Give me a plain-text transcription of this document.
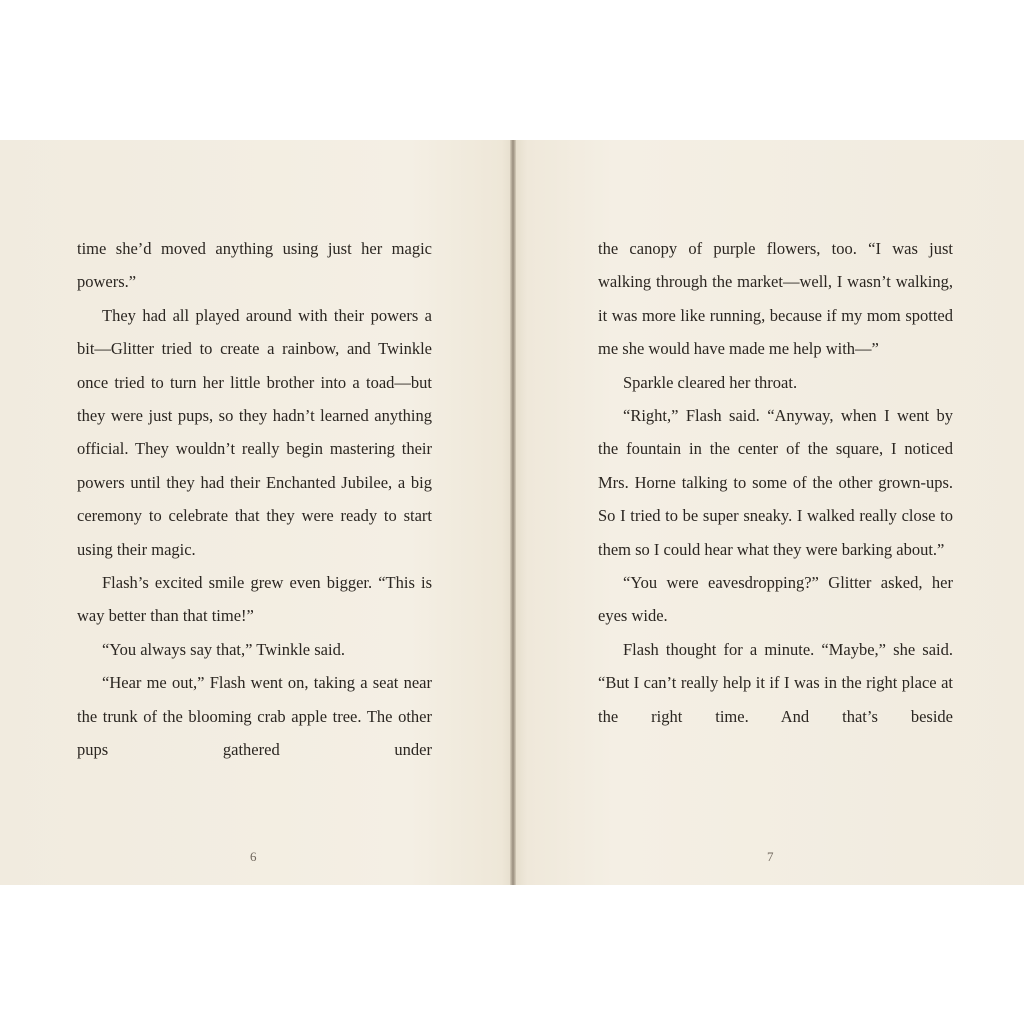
time she’d moved anything using just her magic powers.”

They had all played around with their powers a bit—Glitter tried to create a rainbow, and Twinkle once tried to turn her little brother into a toad—but they were just pups, so they hadn’t learned anything official. They wouldn’t really begin mastering their powers until they had their Enchanted Jubilee, a big ceremony to celebrate that they were ready to start using their magic.

Flash’s excited smile grew even bigger. “This is way better than that time!”

“You always say that,” Twinkle said.

“Hear me out,” Flash went on, taking a seat near the trunk of the blooming crab apple tree. The other pups gathered under

6

the canopy of purple flowers, too. “I was just walking through the market—well, I wasn’t walking, it was more like running, because if my mom spotted me she would have made me help with—”

Sparkle cleared her throat.

“Right,” Flash said. “Anyway, when I went by the fountain in the center of the square, I noticed Mrs. Horne talking to some of the other grown-ups. So I tried to be super sneaky. I walked really close to them so I could hear what they were barking about.”

“You were eavesdropping?” Glitter asked, her eyes wide.

Flash thought for a minute. “Maybe,” she said. “But I can’t really help it if I was in the right place at the right time. And that’s beside

7
